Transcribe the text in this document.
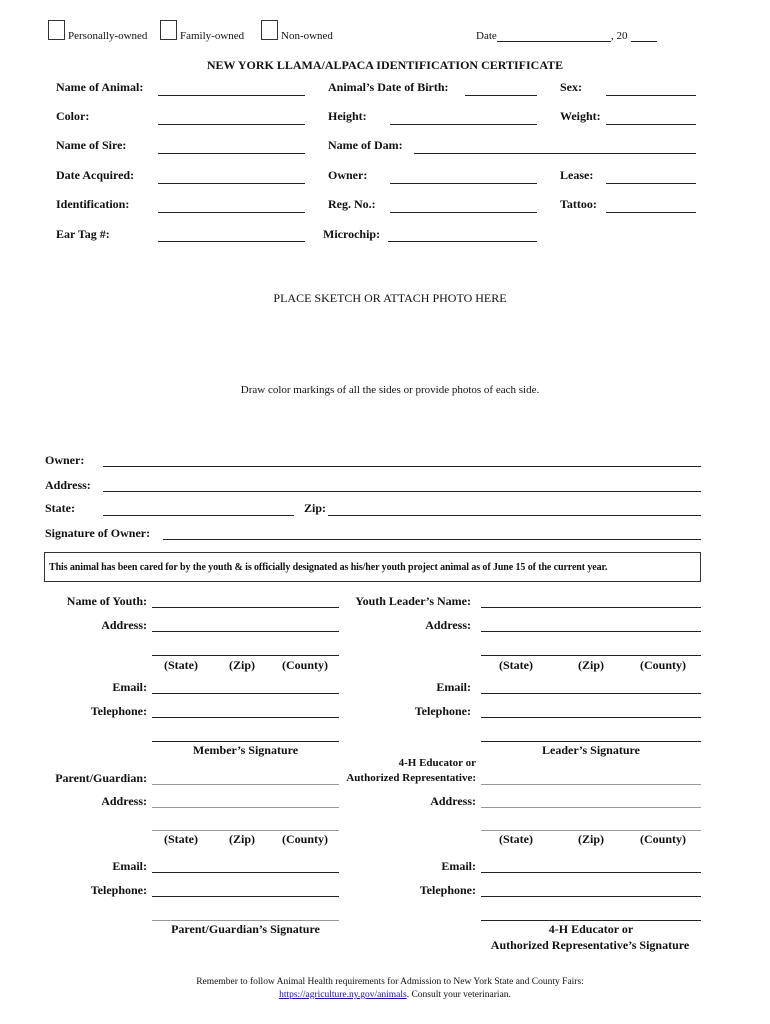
Personally-owned	Family-owned	Non-owned	Date	, 20
NEW YORK LLAMA/ALPACA IDENTIFICATION CERTIFICATE
Name of Animal:	Animal’s Date of Birth:	Sex:
Color:	Height:	Weight:
Name of Sire:	Name of Dam:
Date Acquired:	Owner:	Lease:
Identification:	Reg. No.:	Tattoo:
Ear Tag #:	Microchip:
PLACE SKETCH OR ATTACH PHOTO HERE
Draw color markings of all the sides or provide photos of each side.
Owner:
Address:
State:	Zip:
Signature of Owner:
This animal has been cared for by the youth & is officially designated as his/her youth project animal as of June 15 of the current year.
Name of Youth:
Address:
(State)	(Zip) (County)
Email:
Telephone:
Member’s Signature
Youth Leader’s Name:
Address:
(State)	(Zip)	(County)
Email:
Telephone:
Leader’s Signature
Parent/Guardian:
Address:
(State)	(Zip) (County)
Email:
Telephone:
Parent/Guardian’s Signature
4-H Educator or
Authorized Representative:
Address:
(State)	(Zip)	(County)
Email:
Telephone:
4-H Educator or
Authorized Representative’s Signature
Remember to follow Animal Health requirements for Admission to New York State and County Fairs:
https://agriculture.ny.gov/animals. Consult your veterinarian.
